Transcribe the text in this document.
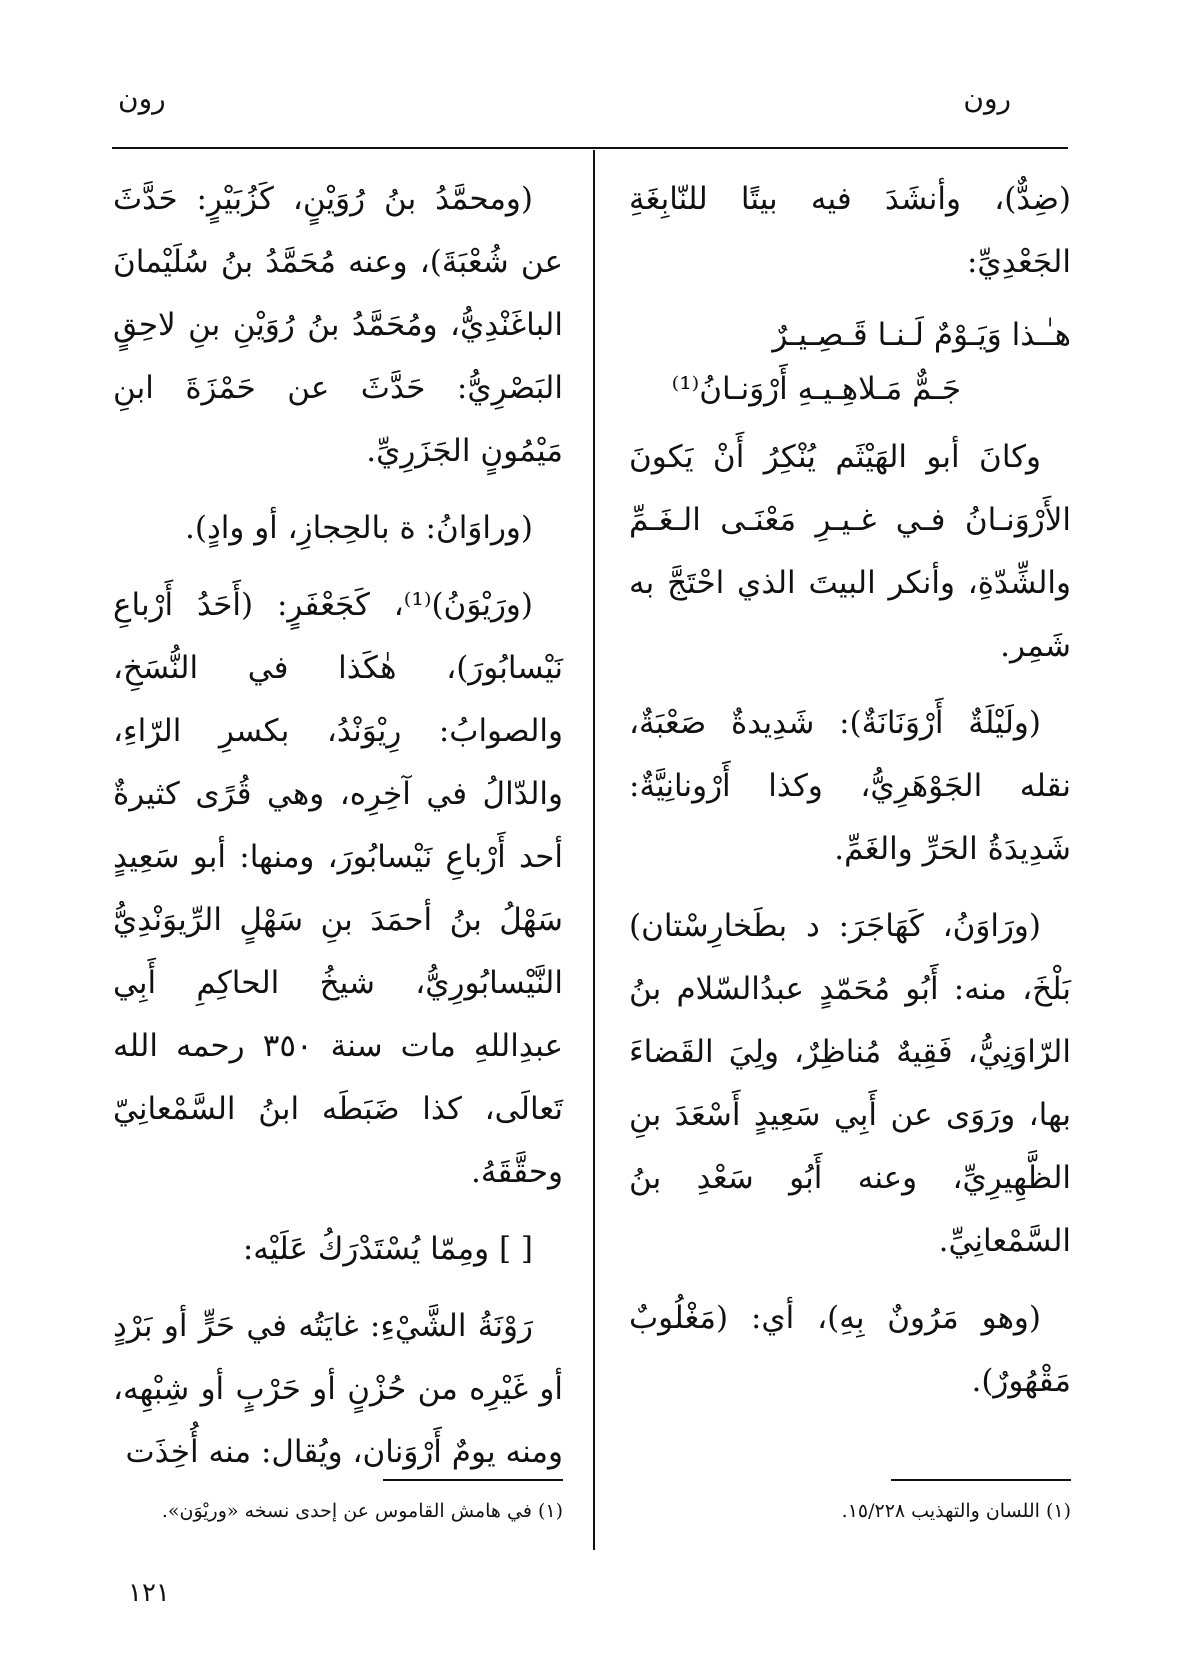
رون
رون

(ضِدٌّ)، وأنشَدَ فيه بيتًا للنّابِغَةِ الجَعْدِيِّ:

هـٰـذا وَيَـوْمٌ لَـنـا قَـصِـيـرٌ
جَـمٌّ مَـلاهِـيـهِ أَرْوَنـانُ⁽¹⁾

وكانَ أبو الهَيْثَم يُنْكِرُ أَنْ يَكونَ الأَرْوَنـانُ فـي غـيـرِ مَعْنَـى الـغَـمِّ والشِّدّةِ، وأنكر البيتَ الذي احْتَجَّ به شَمِر.

(ولَيْلَةٌ أَرْوَنَانَةٌ): شَدِيدةٌ صَعْبَةٌ، نقله الجَوْهَرِيُّ، وكذا أَرْونانِيَّةٌ: شَدِيدَةُ الحَرِّ والغَمِّ.

(ورَاوَنُ، كَهَاجَرَ: د بطَخارِسْتان) بَلْخَ، منه: أَبُو مُحَمّدٍ عبدُالسّلام بنُ الرّاوَنِيُّ، فَقِيهٌ مُناظِرٌ، ولِيَ القَضاءَ بها، ورَوَى عن أَبِي سَعِيدٍ أَسْعَدَ بنِ الظَّهِيرِيِّ، وعنه أَبُو سَعْدِ بنُ السَّمْعانِيِّ.

(وهو مَرُونٌ بِهِ)، أي: (مَغْلُوبٌ مَقْهُورٌ).

(ومحمَّدُ بنُ رُوَيْنٍ، كَزُبَيْرٍ: حَدَّثَ عن شُعْبَةَ)، وعنه مُحَمَّدُ بنُ سُلَيْمانَ الباغَنْدِيُّ، ومُحَمَّدُ بنُ رُوَيْنِ بنِ لاحِقٍ البَصْرِيُّ: حَدَّثَ عن حَمْزَةَ ابنِ مَيْمُونٍ الجَزَرِيِّ.

(وراوَانُ: ة بالحِجازِ، أو وادٍ).

(ورَيْوَنُ)⁽¹⁾، كَجَعْفَرٍ: (أَحَدُ أَرْباعِ نَيْسابُورَ)، هٰكَذا في النُّسَخِ، والصوابُ: رِيْوَنْدُ، بكسرِ الرّاءِ، والدّالُ في آخِرِه، وهي قُرًى كثيرةٌ أحد أَرْباعِ نَيْسابُورَ، ومنها: أبو سَعِيدٍ سَهْلُ بنُ أحمَدَ بنِ سَهْلٍ الرِّيوَنْدِيُّ النَّيْسابُورِيُّ، شيخُ الحاكِمِ أَبِي عبدِاللهِ مات سنة ٣٥٠ رحمه الله تَعالَى، كذا ضَبَطَه ابنُ السَّمْعانِيّ وحقَّقَهُ.

[ ] ومِمّا يُسْتَدْرَكُ عَلَيْه:

رَوْنَةُ الشَّيْءِ: غايَتُه في حَرٍّ أو بَرْدٍ أو غَيْرِه من حُزْنٍ أو حَرْبٍ أو شِبْهِه، ومنه يومٌ أَرْوَنان، ويُقال: منه أُخِذَت

(١) اللسان والتهذيب ١٥/٢٢٨.
(١) في هامش القاموس عن إحدى نسخه «وريْوَن».
١٢١
